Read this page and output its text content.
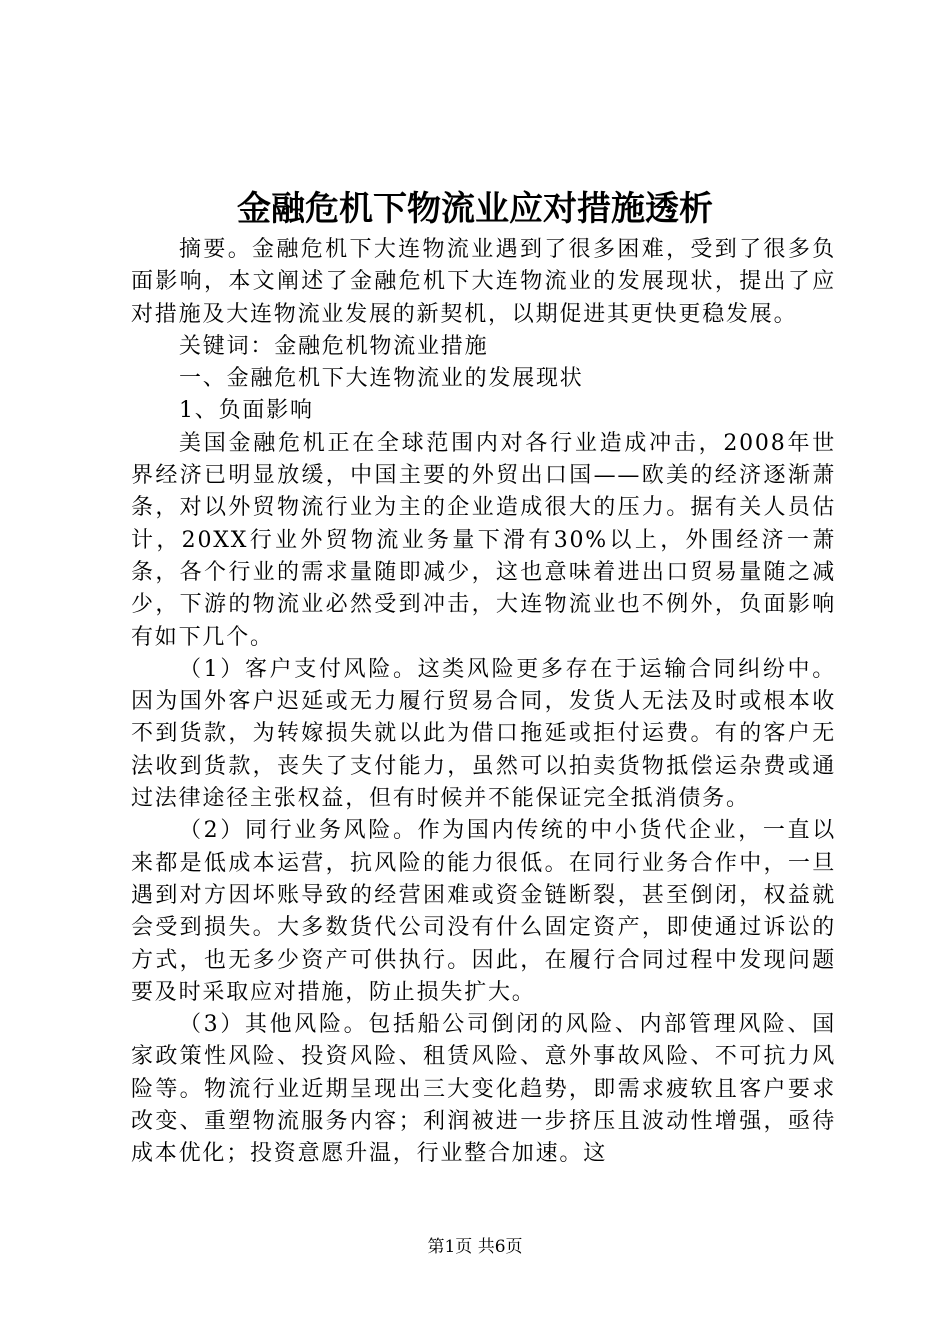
金融危机下物流业应对措施透析

摘要。金融危机下大连物流业遇到了很多困难，受到了很多负面影响，本文阐述了金融危机下大连物流业的发展现状，提出了应对措施及大连物流业发展的新契机，以期促进其更快更稳发展。

关键词：金融危机物流业措施

一、金融危机下大连物流业的发展现状

1、负面影响

美国金融危机正在全球范围内对各行业造成冲击，2008年世界经济已明显放缓，中国主要的外贸出口国——欧美的经济逐渐萧条，对以外贸物流行业为主的企业造成很大的压力。据有关人员估计，20XX行业外贸物流业务量下滑有30%以上，外围经济一萧条，各个行业的需求量随即减少，这也意味着进出口贸易量随之减少，下游的物流业必然受到冲击，大连物流业也不例外，负面影响有如下几个。

（1）客户支付风险。这类风险更多存在于运输合同纠纷中。因为国外客户迟延或无力履行贸易合同，发货人无法及时或根本收不到货款，为转嫁损失就以此为借口拖延或拒付运费。有的客户无法收到货款，丧失了支付能力，虽然可以拍卖货物抵偿运杂费或通过法律途径主张权益，但有时候并不能保证完全抵消债务。

（2）同行业务风险。作为国内传统的中小货代企业，一直以来都是低成本运营，抗风险的能力很低。在同行业务合作中，一旦遇到对方因坏账导致的经营困难或资金链断裂，甚至倒闭，权益就会受到损失。大多数货代公司没有什么固定资产，即使通过诉讼的方式，也无多少资产可供执行。因此，在履行合同过程中发现问题要及时采取应对措施，防止损失扩大。

（3）其他风险。包括船公司倒闭的风险、内部管理风险、国家政策性风险、投资风险、租赁风险、意外事故风险、不可抗力风险等。物流行业近期呈现出三大变化趋势，即需求疲软且客户要求改变、重塑物流服务内容；利润被进一步挤压且波动性增强，亟待成本优化；投资意愿升温，行业整合加速。这

第1页 共6页
